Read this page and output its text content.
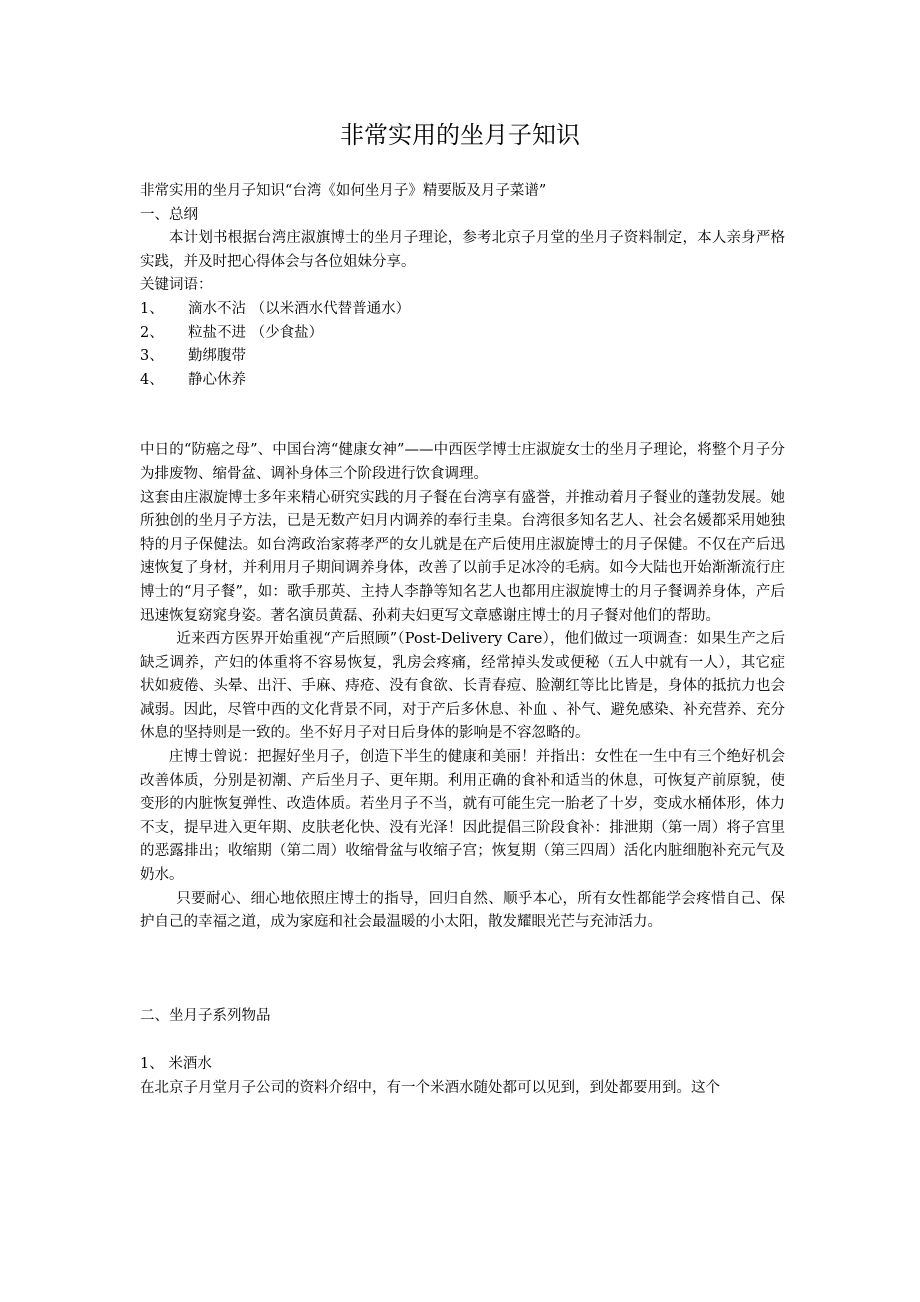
非常实用的坐月子知识

非常实用的坐月子知识“台湾《如何坐月子》精要版及月子菜谱”

一、总纲

本计划书根据台湾庄淑旗博士的坐月子理论，参考北京子月堂的坐月子资料制定，本人亲身严格实践，并及时把心得体会与各位姐妹分享。

关键词语：

1、	滴水不沾 （以米酒水代替普通水）
2、	粒盐不进 （少食盐）
3、	勤绑腹带
4、	静心休养

中日的“防癌之母”、中国台湾“健康女神”——中西医学博士庄淑旋女士的坐月子理论，将整个月子分为排废物、缩骨盆、调补身体三个阶段进行饮食调理。

这套由庄淑旋博士多年来精心研究实践的月子餐在台湾享有盛誉，并推动着月子餐业的蓬勃发展。她所独创的坐月子方法，已是无数产妇月内调养的奉行圭臬。台湾很多知名艺人、社会名媛都采用她独特的月子保健法。如台湾政治家蒋孝严的女儿就是在产后使用庄淑旋博士的月子保健。不仅在产后迅速恢复了身材，并利用月子期间调养身体，改善了以前手足冰冷的毛病。如今大陆也开始渐渐流行庄博士的“月子餐”，如：歌手那英、主持人李静等知名艺人也都用庄淑旋博士的月子餐调养身体，产后迅速恢复窈窕身姿。著名演员黄磊、孙莉夫妇更写文章感谢庄博士的月子餐对他们的帮助。

近来西方医界开始重视“产后照顾”（Post-Delivery Care），他们做过一项调查：如果生产之后缺乏调养，产妇的体重将不容易恢复，乳房会疼痛，经常掉头发或便秘（五人中就有一人），其它症状如疲倦、头晕、出汗、手麻、痔疮、没有食欲、长青春痘、脸潮红等比比皆是，身体的抵抗力也会减弱。因此，尽管中西的文化背景不同，对于产后多休息、补血 、补气、避免感染、补充营养、充分休息的坚持则是一致的。坐不好月子对日后身体的影响是不容忽略的。

庄博士曾说：把握好坐月子，创造下半生的健康和美丽！并指出：女性在一生中有三个绝好机会改善体质，分别是初潮、产后坐月子、更年期。利用正确的食补和适当的休息，可恢复产前原貌，使变形的内脏恢复弹性、改造体质。若坐月子不当，就有可能生完一胎老了十岁，变成水桶体形，体力不支，提早进入更年期、皮肤老化快、没有光泽！因此提倡三阶段食补：排泄期（第一周）将子宫里的恶露排出；收缩期（第二周）收缩骨盆与收缩子宫；恢复期（第三四周）活化内脏细胞补充元气及奶水。

只要耐心、细心地依照庄博士的指导，回归自然、顺乎本心，所有女性都能学会疼惜自己、保护自己的幸福之道，成为家庭和社会最温暖的小太阳，散发耀眼光芒与充沛活力。

二、坐月子系列物品

1、 米酒水

在北京子月堂月子公司的资料介绍中，有一个米酒水随处都可以见到，到处都要用到。这个
